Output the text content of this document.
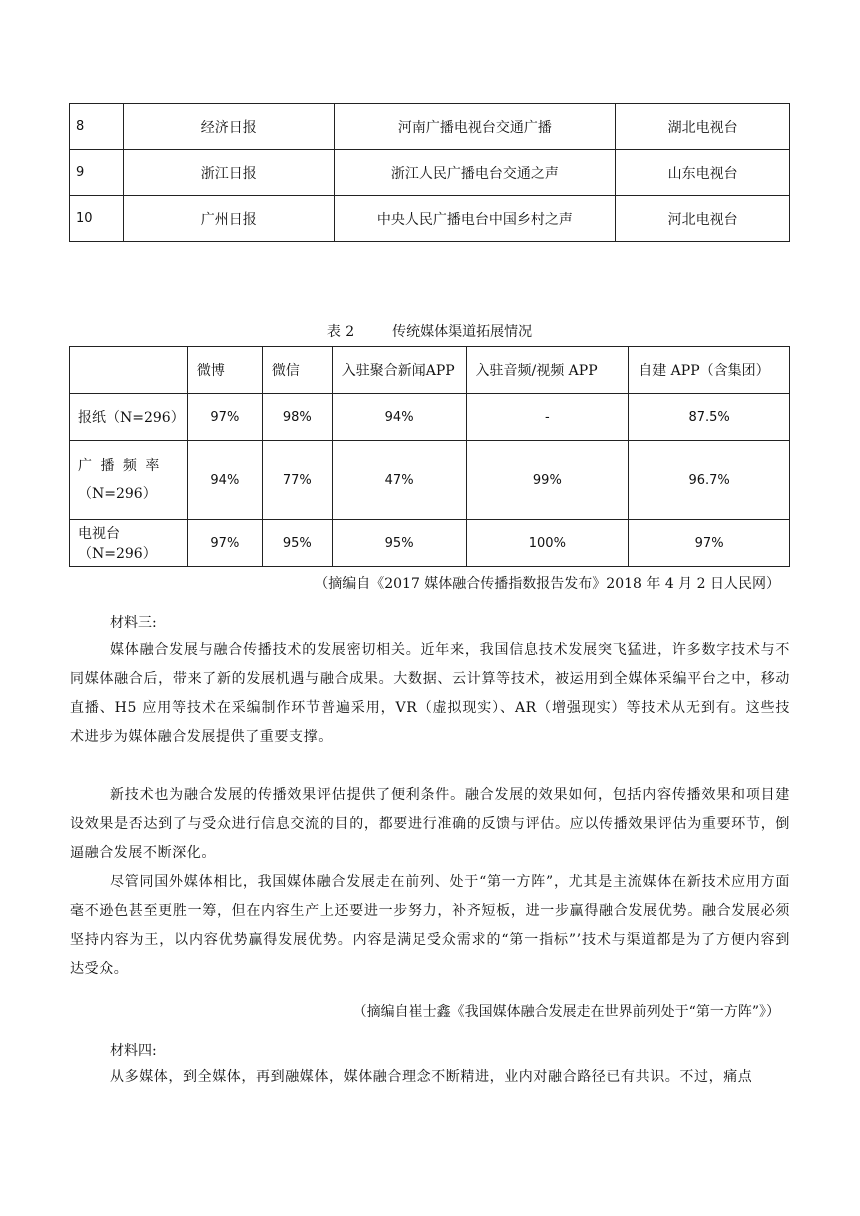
8	经济日报	河南广播电视台交通广播	湖北电视台
9	浙江日报	浙江人民广播电台交通之声	山东电视台
10	广州日报	中央人民广播电台中国乡村之声	河北电视台
表 2	传统媒体渠道拓展情况
	微博	微信	入驻聚合新闻APP	入驻音频/视频 APP	自建 APP（含集团）
报纸（N=296）	97%	98%	94%	-	87.5%

广 播 频 率
（N=296）	94%	77%	47%	99%	96.7%
电视台（N=296）	97%	95%	95%	100%	97%
（摘编自《2017 媒体融合传播指数报告发布》2018 年 4 月 2 日人民网）
材料三:

媒体融合发展与融合传播技术的发展密切相关。近年来，我国信息技术发展突飞猛进，许多数字技术与不同媒体融合后，带来了新的发展机遇与融合成果。大数据、云计算等技术，被运用到全媒体采编平台之中，移动直播、H5 应用等技术在采编制作环节普遍采用，VR（虚拟现实）、AR（增强现实）等技术从无到有。这些技术进步为媒体融合发展提供了重要支撑。

新技术也为融合发展的传播效果评估提供了便利条件。融合发展的效果如何，包括内容传播效果和项目建设效果是否达到了与受众进行信息交流的目的，都要进行准确的反馈与评估。应以传播效果评估为重要环节，倒逼融合发展不断深化。

尽管同国外媒体相比，我国媒体融合发展走在前列、处于“第一方阵”，尤其是主流媒体在新技术应用方面毫不逊色甚至更胜一筹，但在内容生产上还要进一步努力，补齐短板，进一步赢得融合发展优势。融合发展必须坚持内容为王，以内容优势赢得发展优势。内容是满足受众需求的“第一指标”’技术与渠道都是为了方便内容到达受众。

（摘编自崔士鑫《我国媒体融合发展走在世界前列处于“第一方阵”》）
材料四:

从多媒体，到全媒体，再到融媒体，媒体融合理念不断精进，业内对融合路径已有共识。不过，痛点
